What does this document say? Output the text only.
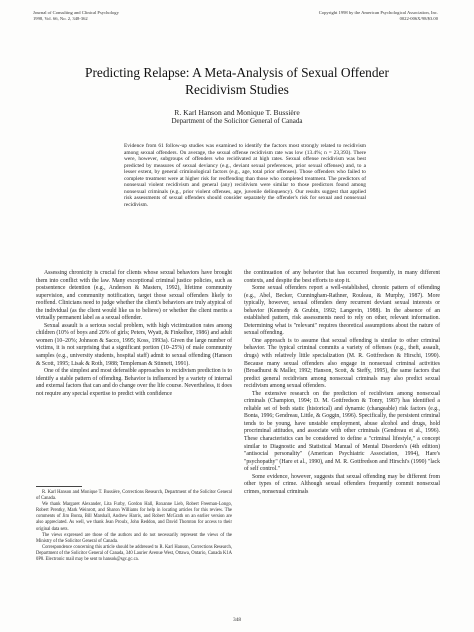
Journal of Consulting and Clinical Psychology
1998, Vol. 66, No. 2, 348-362
Copyright 1998 by the American Psychological Association, Inc.
0022-006X/98/$3.00
Predicting Relapse: A Meta-Analysis of Sexual Offender
Recidivism Studies
R. Karl Hanson and Monique T. Bussière
Department of the Solicitor General of Canada
Evidence from 61 follow-up studies was examined to identify the factors most strongly related to recidivism among sexual offenders. On average, the sexual offense recidivism rate was low (13.4%; n = 23,393). There were, however, subgroups of offenders who recidivated at high rates. Sexual offense recidivism was best predicted by measures of sexual deviancy (e.g., deviant sexual preferences, prior sexual offenses) and, to a lesser extent, by general criminological factors (e.g., age, total prior offenses). Those offenders who failed to complete treatment were at higher risk for reoffending than those who completed treatment. The predictors of nonsexual violent recidivism and general (any) recidivism were similar to those predictors found among nonsexual criminals (e.g., prior violent offenses, age, juvenile delinquency). Our results suggest that applied risk assessments of sexual offenders should consider separately the offender's risk for sexual and nonsexual recidivism.

Assessing chronicity is crucial for clients whose sexual behaviors have brought them into conflict with the law. Many exceptional criminal justice policies, such as postsentence detention (e.g., Anderson & Masters, 1992), lifetime community supervision, and community notification, target those sexual offenders likely to reoffend. Clinicians need to judge whether the client's behaviors are truly atypical of the individual (as the client would like us to believe) or whether the client merits a virtually permanent label as a sexual offender.

Sexual assault is a serious social problem, with high victimization rates among children (10% of boys and 20% of girls; Peters, Wyatt, & Finkelhor, 1986) and adult women (10–20%; Johnson & Sacco, 1995; Koss, 1993a). Given the large number of victims, it is not surprising that a significant portion (10–25%) of male community samples (e.g., university students, hospital staff) admit to sexual offending (Hanson & Scott, 1995; Lisak & Roth, 1988; Templeman & Stinnett, 1991).

One of the simplest and most defensible approaches to recidivism prediction is to identify a stable pattern of offending. Behavior is influenced by a variety of internal and external factors that can and do change over the life course. Nevertheless, it does not require any special expertise to predict with confidence

R. Karl Hanson and Monique T. Bussière, Corrections Research, Department of the Solicitor General of Canada.

We thank Margaret Alexander, Lita Furby, Gordon Hall, Roxanne Lieb, Robert Freeman-Longo, Robert Prentky, Mark Weinrott, and Sharon Williams for help in locating articles for this review. The comments of Jim Bonta, Bill Marshall, Andrew Harris, and Robert McGrath on an earlier version are also appreciated. As well, we thank Jean Proulx, John Reddon, and David Thornton for access to their original data sets.

The views expressed are those of the authors and do not necessarily represent the views of the Ministry of the Solicitor General of Canada.

Correspondence concerning this article should be addressed to R. Karl Hanson, Corrections Research, Department of the Solicitor General of Canada, 340 Laurier Avenue West, Ottawa, Ontario, Canada K1A 0P8. Electronic mail may be sent to hansok@sgc.gc.ca.

the continuation of any behavior that has occurred frequently, in many different contexts, and despite the best efforts to stop it.

Some sexual offenders report a well-established, chronic pattern of offending (e.g., Abel, Becker, Cunningham-Rathner, Rouleau, & Murphy, 1987). More typically, however, sexual offenders deny recurrent deviant sexual interests or behavior (Kennedy & Grubin, 1992; Langevin, 1988). In the absence of an established pattern, risk assessments need to rely on other, relevant information. Determining what is "relevant" requires theoretical assumptions about the nature of sexual offending.

One approach is to assume that sexual offending is similar to other criminal behavior. The typical criminal commits a variety of offenses (e.g., theft, assault, drugs) with relatively little specialization (M. R. Gottfredson & Hirschi, 1990). Because many sexual offenders also engage in nonsexual criminal activities (Broadhurst & Maller, 1992; Hanson, Scott, & Steffy, 1995), the same factors that predict general recidivism among nonsexual criminals may also predict sexual recidivism among sexual offenders.

The extensive research on the prediction of recidivism among nonsexual criminals (Champion, 1994; D. M. Gottfredson & Tonry, 1987) has identified a reliable set of both static (historical) and dynamic (changeable) risk factors (e.g., Bonta, 1996; Gendreau, Little, & Goggin, 1996). Specifically, the persistent criminal tends to be young, have unstable employment, abuse alcohol and drugs, hold procriminal attitudes, and associate with other criminals (Gendreau et al., 1996). These characteristics can be considered to define a "criminal lifestyle," a concept similar to Diagnostic and Statistical Manual of Mental Disorders's (4th edition) "antisocial personality" (American Psychiatric Association, 1994), Hare's "psychopathy" (Hare et al., 1990), and M. R. Gottfredson and Hirschi's (1990) "lack of self control."

Some evidence, however, suggests that sexual offending may be different from other types of crime. Although sexual offenders frequently commit nonsexual crimes, nonsexual criminals

348
